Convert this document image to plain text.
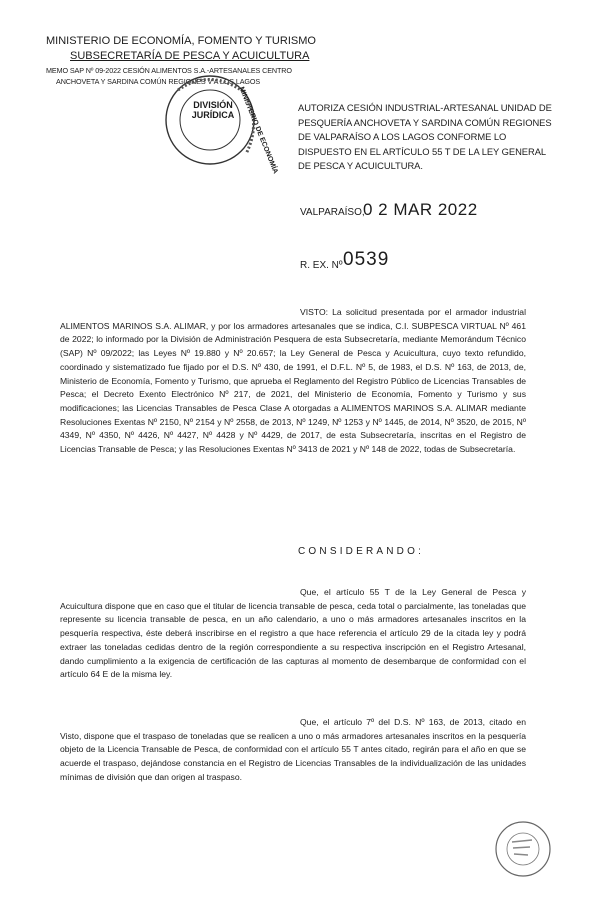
MINISTERIO DE ECONOMÍA, FOMENTO Y TURISMO
SUBSECRETARÍA DE PESCA Y ACUICULTURA
MEMO SAP Nº 09-2022 CESIÓN ALIMENTOS S.A.-ARTESANALES CENTRO
ANCHOVETA Y SARDINA COMÚN REGIONES V A LOS LAGOS
DIVISIÓN
JURÍDICA MINISTERIO DE ECONOMÍA AUTORIZA CESIÓN INDUSTRIAL-ARTESANAL UNIDAD DE PESQUERÍA ANCHOVETA Y SARDINA COMÚN REGIONES DE VALPARAÍSO A LOS LAGOS CONFORME LO DISPUESTO EN EL ARTÍCULO 55 T DE LA LEY GENERAL DE PESCA Y ACUICULTURA.
VALPARAÍSO,
0 2 MAR 2022
R. EX. Nº 0539

VISTO: La solicitud presentada por el armador industrial ALIMENTOS MARINOS S.A. ALIMAR, y por los armadores artesanales que se indica, C.I. SUBPESCA VIRTUAL Nº 461 de 2022; lo informado por la División de Administración Pesquera de esta Subsecretaría, mediante Memorándum Técnico (SAP) Nº 09/2022; las Leyes Nº 19.880 y Nº 20.657; la Ley General de Pesca y Acuicultura, cuyo texto refundido, coordinado y sistematizado fue fijado por el D.S. Nº 430, de 1991, el D.F.L. Nº 5, de 1983, el D.S. Nº 163, de 2013, de, Ministerio de Economía, Fomento y Turismo, que aprueba el Reglamento del Registro Público de Licencias Transables de Pesca; el Decreto Exento Electrónico Nº 217, de 2021, del Ministerio de Economía, Fomento y Turismo y sus modificaciones; las Licencias Transables de Pesca Clase A otorgadas a ALIMENTOS MARINOS S.A. ALIMAR mediante Resoluciones Exentas Nº 2150, Nº 2154 y Nº 2558, de 2013, Nº 1249, Nº 1253 y Nº 1445, de 2014, Nº 3520, de 2015, Nº 4349, Nº 4350, Nº 4426, Nº 4427, Nº 4428 y Nº 4429, de 2017, de esta Subsecretaría, inscritas en el Registro de Licencias Transable de Pesca; y las Resoluciones Exentas Nº 3413 de 2021 y Nº 148 de 2022, todas de Subsecretaría.

CONSIDERANDO:

Que, el artículo 55 T de la Ley General de Pesca y Acuicultura dispone que en caso que el titular de licencia transable de pesca, ceda total o parcialmente, las toneladas que represente su licencia transable de pesca, en un año calendario, a uno o más armadores artesanales inscritos en la pesquería respectiva, éste deberá inscribirse en el registro a que hace referencia el artículo 29 de la citada ley y podrá extraer las toneladas cedidas dentro de la región correspondiente a su respectiva inscripción en el Registro Artesanal, dando cumplimiento a la exigencia de certificación de las capturas al momento de desembarque de conformidad con el artículo 64 E de la misma ley.

Que, el artículo 7º del D.S. Nº 163, de 2013, citado en Visto, dispone que el traspaso de toneladas que se realicen a uno o más armadores artesanales inscritos en la pesquería objeto de la Licencia Transable de Pesca, de conformidad con el artículo 55 T antes citado, regirán para el año en que se acuerde el traspaso, dejándose constancia en el Registro de Licencias Transables de la individualización de las unidades mínimas de división que dan origen al traspaso.
